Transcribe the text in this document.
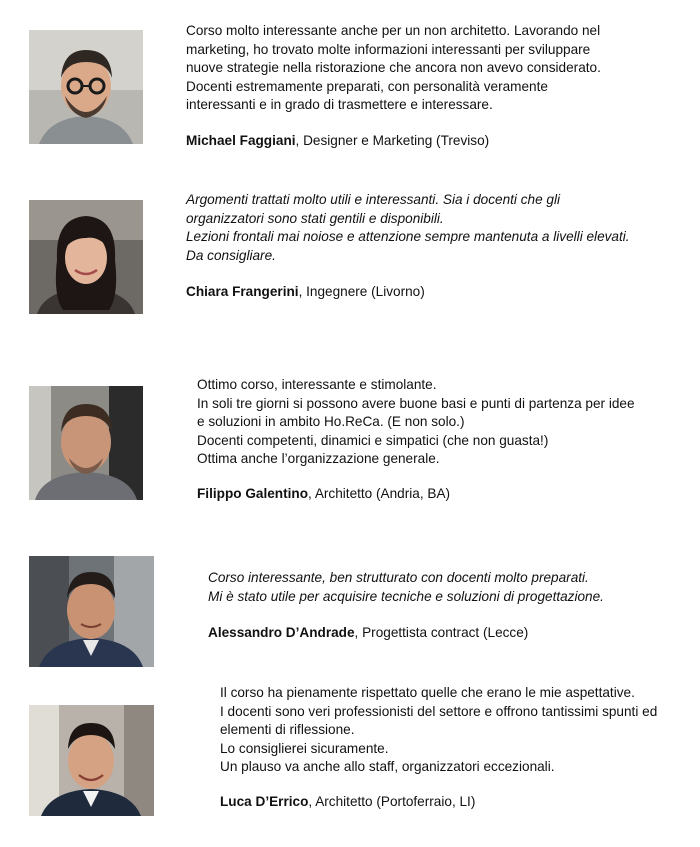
Corso molto interessante anche per un non architetto. Lavorando nel
marketing, ho trovato molte informazioni interessanti per sviluppare
nuove strategie nella ristorazione che ancora non avevo considerato.
Docenti estremamente preparati, con personalità veramente
interessanti e in grado di trasmettere e interessare.

Michael Faggiani, Designer e Marketing (Treviso)

Argomenti trattati molto utili e interessanti. Sia i docenti che gli
organizzatori sono stati gentili e disponibili.
Lezioni frontali mai noiose e attenzione sempre mantenuta a livelli elevati.
Da consigliare.

Chiara Frangerini, Ingegnere (Livorno)

Ottimo corso, interessante e stimolante.
In soli tre giorni si possono avere buone basi e punti di partenza per idee
e soluzioni in ambito Ho.ReCa. (E non solo.)
Docenti competenti, dinamici e simpatici (che non guasta!)
Ottima anche l’organizzazione generale.

Filippo Galentino, Architetto (Andria, BA)

Corso interessante, ben strutturato con docenti molto preparati.
Mi è stato utile per acquisire tecniche e soluzioni di progettazione.

Alessandro D’Andrade, Progettista contract (Lecce)

Il corso ha pienamente rispettato quelle che erano le mie aspettative.
I docenti sono veri professionisti del settore e offrono tantissimi spunti ed
elementi di riflessione.
Lo consiglierei sicuramente.
Un plauso va anche allo staff, organizzatori eccezionali.

Luca D’Errico, Architetto (Portoferraio, LI)
